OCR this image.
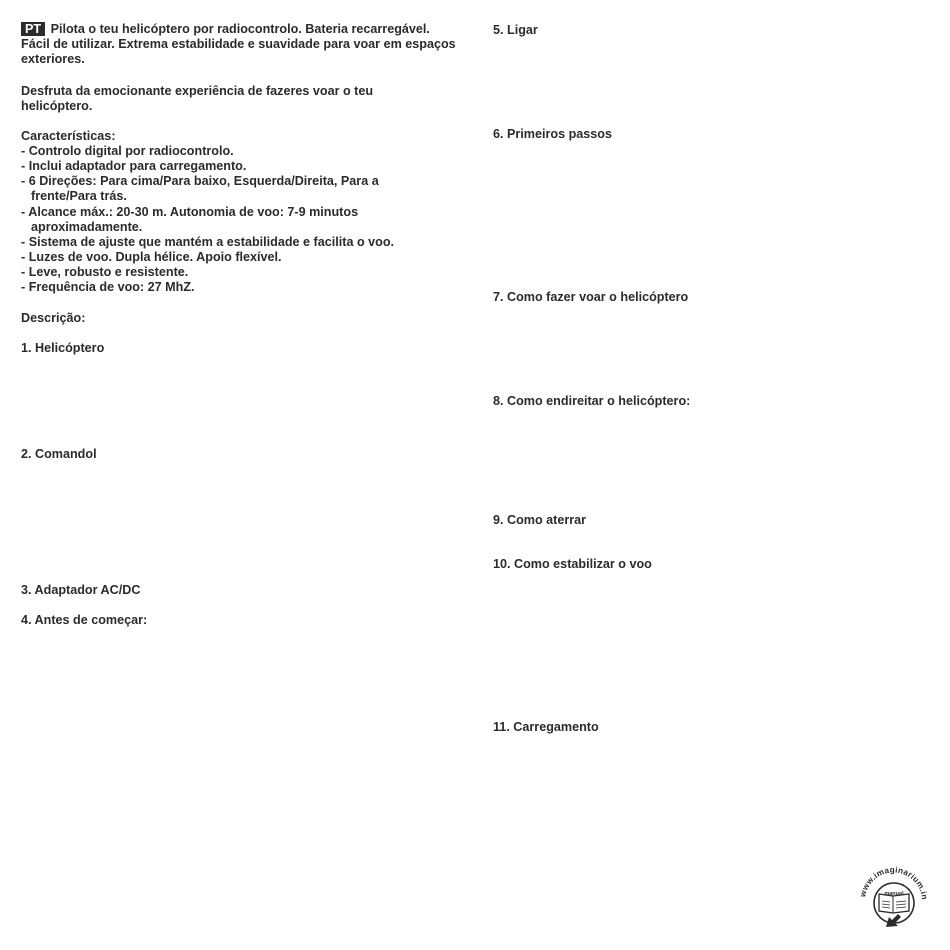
PT Pilota o teu helicóptero por radiocontrolo. Bateria recarregável. Fácil de utilizar. Extrema estabilidade e suavidade para voar em espaços exteriores.
Desfruta da emocionante experiência de fazeres voar o teu helicóptero.
Características:
- Controlo digital por radiocontrolo.
- Inclui adaptador para carregamento.
- 6 Direções: Para cima/Para baixo, Esquerda/Direita, Para a
frente/Para trás.
- Alcance máx.: 20-30 m. Autonomia de voo: 7-9 minutos
aproximadamente.
- Sistema de ajuste que mantém a estabilidade e facilita o voo.
- Luzes de voo. Dupla hélice. Apoio flexível.
- Leve, robusto e resistente.
- Frequência de voo: 27 MhZ.
Descrição:
1. Helicóptero
2. Comandol
3. Adaptador AC/DC
4. Antes de começar:
5. Ligar
6. Primeiros passos
7. Como fazer voar o helicóptero
8. Como endireitar o helicóptero:
9. Como aterrar
10. Como estabilizar o voo
11. Carregamento
www.imaginarium.in
manual
